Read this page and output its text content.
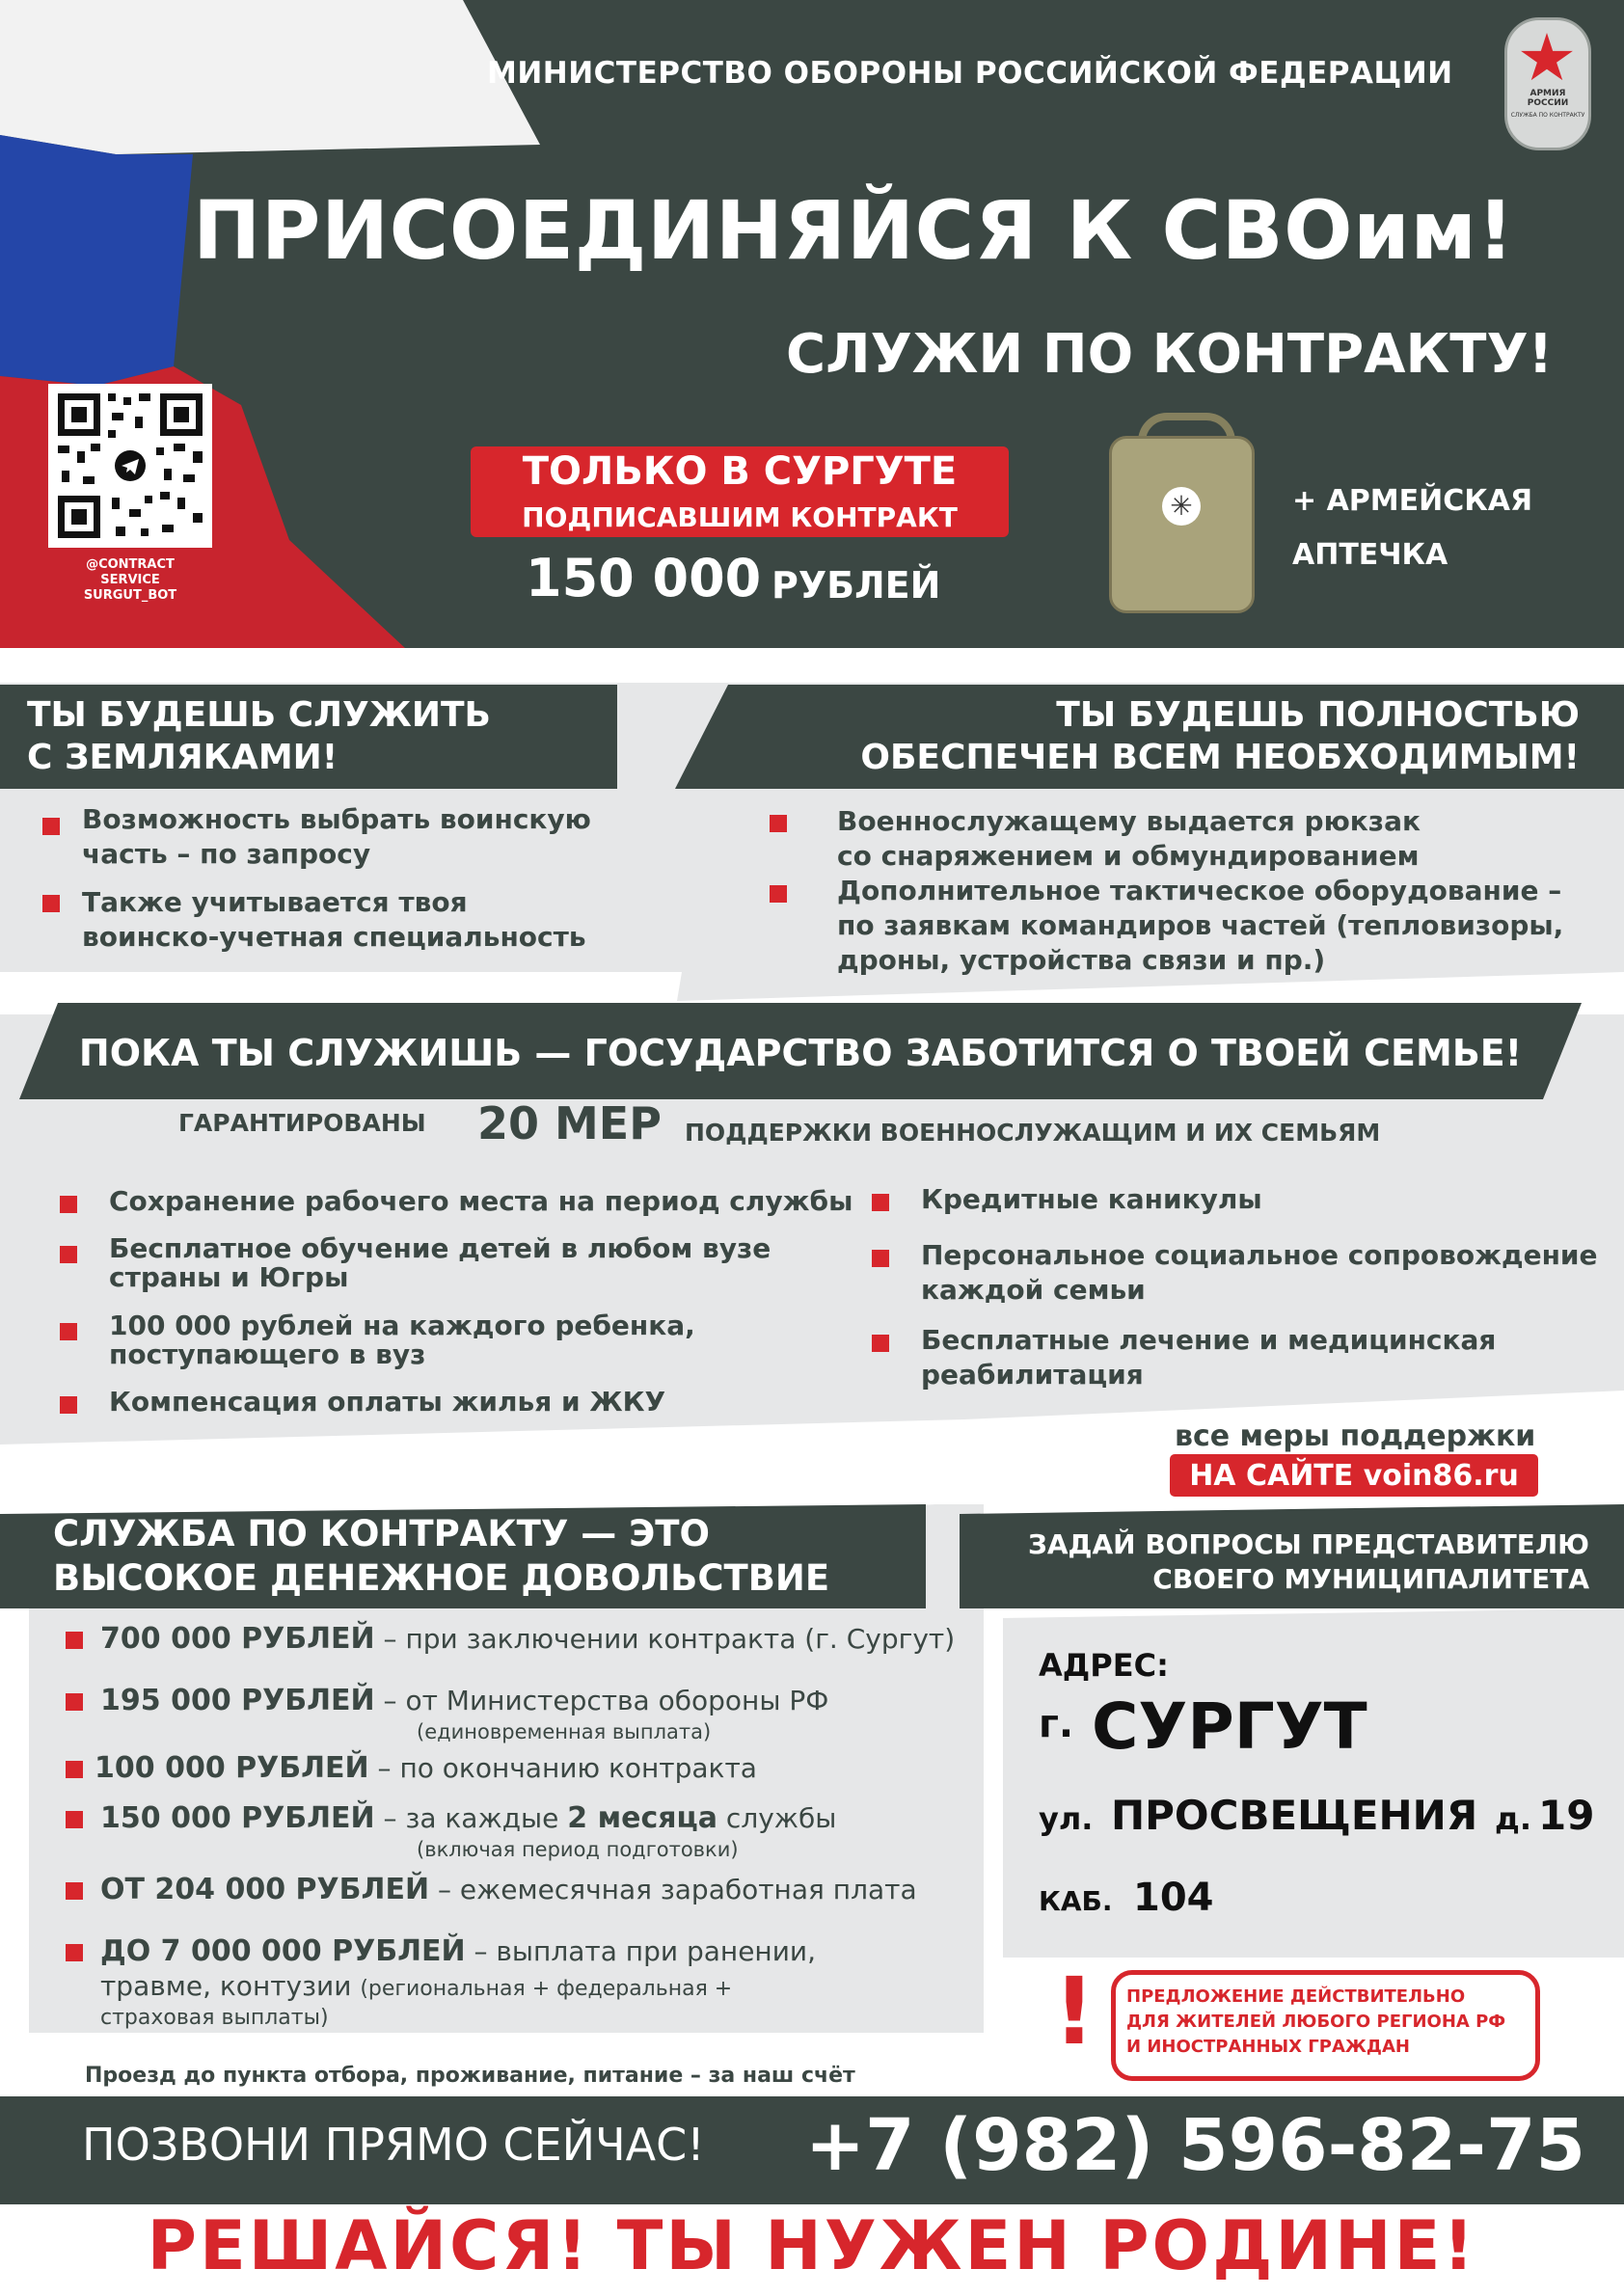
МИНИСТЕРСТВО ОБОРОНЫ РОССИЙСКОЙ ФЕДЕРАЦИИ
АРМИЯ РОССИИ
СЛУЖБА ПО КОНТРАКТУ
ПРИСОЕДИНЯЙСЯ К СВОим!
СЛУЖИ ПО КОНТРАКТУ!
@CONTRACT
SERVICE
SURGUT_BOT
ТОЛЬКО В СУРГУТЕ
ПОДПИСАВШИМ КОНТРАКТ
150 000 РУБЛЕЙ
✳	+ АРМЕЙСКАЯ
АПТЕЧКА
ТЫ БУДЕШЬ СЛУЖИТЬ
С ЗЕМЛЯКАМИ!
ТЫ БУДЕШЬ ПОЛНОСТЬЮ
ОБЕСПЕЧЕН ВСЕМ НЕОБХОДИМЫМ!
Возможность выбрать воинскую
часть – по запросу
Также учитывается твоя
воинско-учетная специальность
Военнослужащему выдается рюкзак
со снаряжением и обмундированием
Дополнительное тактическое оборудование –
по заявкам командиров частей (тепловизоры,
дроны, устройства связи и пр.)
ПОКА ТЫ СЛУЖИШЬ — ГОСУДАРСТВО ЗАБОТИТСЯ О ТВОЕЙ СЕМЬЕ!
ГАРАНТИРОВАНЫ 20 МЕР ПОДДЕРЖКИ ВОЕННОСЛУЖАЩИМ И ИХ СЕМЬЯМ
Сохранение рабочего места на период службы
Бесплатное обучение детей в любом вузе
страны и Югры
100 000 рублей на каждого ребенка,
поступающего в вуз
Компенсация оплаты жилья и ЖКУ
Кредитные каникулы
Персональное социальное сопровождение
каждой семьи
Бесплатные лечение и медицинская
реабилитация
все меры поддержки
НА САЙТЕ voin86.ru
СЛУЖБА ПО КОНТРАКТУ — ЭТО
ВЫСОКОЕ ДЕНЕЖНОЕ ДОВОЛЬСТВИЕ
ЗАДАЙ ВОПРОСЫ ПРЕДСТАВИТЕЛЮ
СВОЕГО МУНИЦИПАЛИТЕТА
700 000 РУБЛЕЙ – при заключении контракта (г. Сургут)
195 000 РУБЛЕЙ – от Министерства обороны РФ
(единовременная выплата)
100 000 РУБЛЕЙ – по окончанию контракта
150 000 РУБЛЕЙ – за каждые 2 месяца службы
(включая период подготовки)
ОТ 204 000 РУБЛЕЙ – ежемесячная заработная плата
ДО 7 000 000 РУБЛЕЙ – выплата при ранении,
травме, контузии (региональная + федеральная +
страховая выплаты)
Проезд до пункта отбора, проживание, питание – за наш счёт
АДРЕС:
г. СУРГУТ
ул. ПРОСВЕЩЕНИЯ д. 19
КАБ. 104
! ПРЕДЛОЖЕНИЕ ДЕЙСТВИТЕЛЬНО
ДЛЯ ЖИТЕЛЕЙ ЛЮБОГО РЕГИОНА РФ
И ИНОСТРАННЫХ ГРАЖДАН
ПОЗВОНИ ПРЯМО СЕЙЧАС! +7 (982) 596-82-75
РЕШАЙСЯ! ТЫ НУЖЕН РОДИНЕ!
